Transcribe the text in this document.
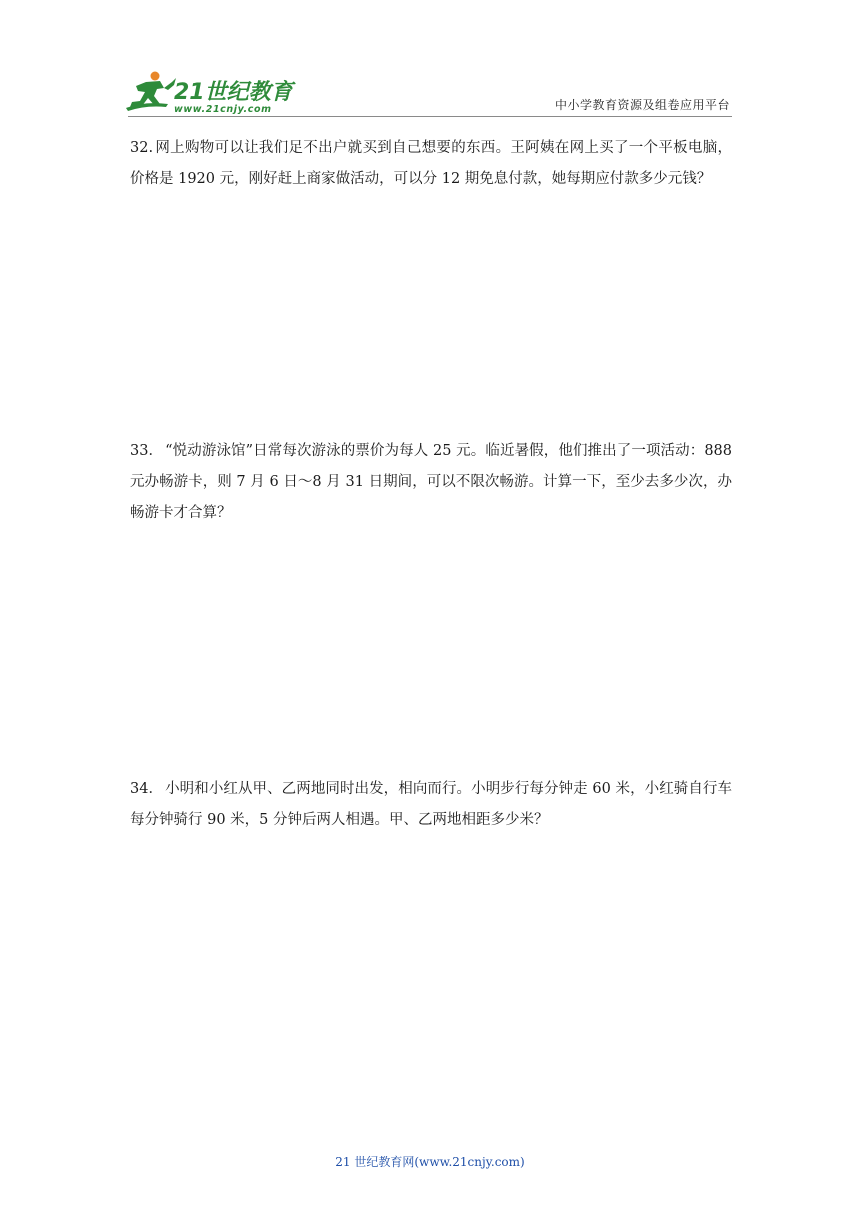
21世纪教育
www.21cnjy.com	中小学教育资源及组卷应用平台
32. 网上购物可以让我们足不出户就买到自己想要的东西。王阿姨在网上买了一个平板电脑，价格是 1920 元，刚好赶上商家做活动，可以分 12 期免息付款，她每期应付款多少元钱？
33． “悦动游泳馆”日常每次游泳的票价为每人 25 元。临近暑假，他们推出了一项活动：888 元办畅游卡，则 7 月 6 日～8 月 31 日期间，可以不限次畅游。计算一下，至少去多少次，办畅游卡才合算？
34． 小明和小红从甲、乙两地同时出发，相向而行。小明步行每分钟走 60 米，小红骑自行车每分钟骑行 90 米，5 分钟后两人相遇。甲、乙两地相距多少米？
21 世纪教育网(www.21cnjy.com)
